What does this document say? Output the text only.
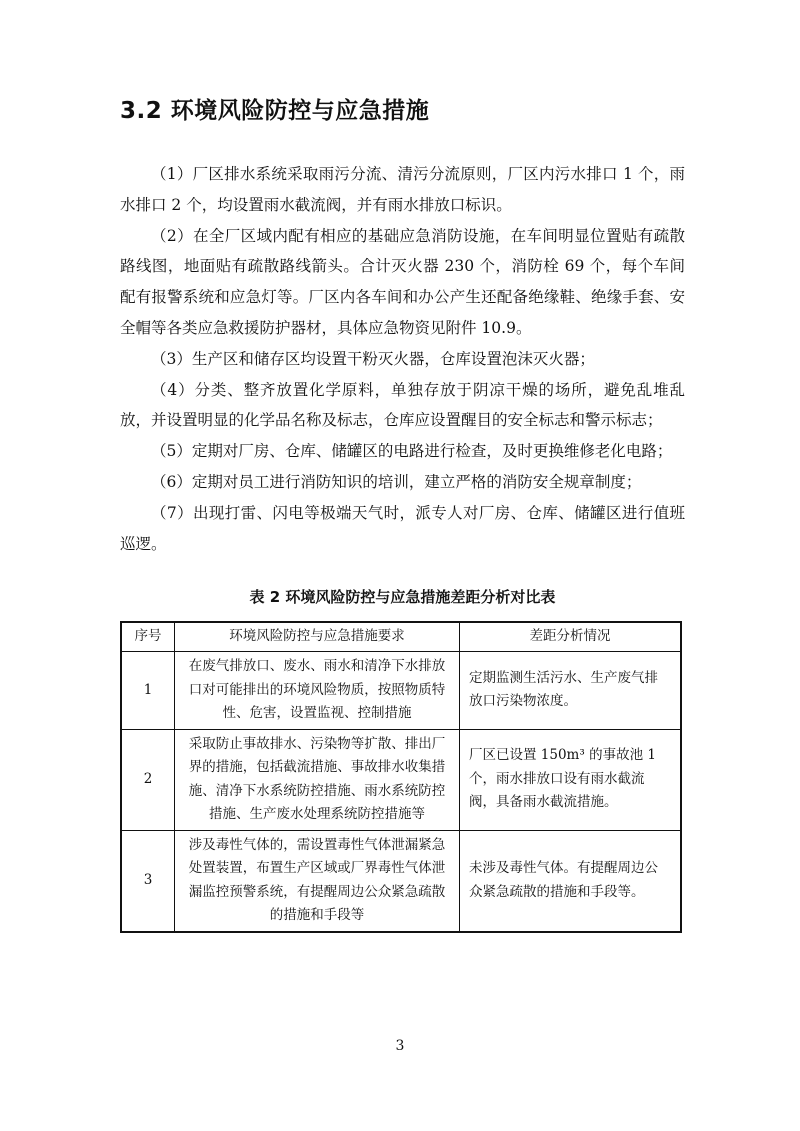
3.2 环境风险防控与应急措施

（1）厂区排水系统采取雨污分流、清污分流原则，厂区内污水排口 1 个，雨水排口 2 个，均设置雨水截流阀，并有雨水排放口标识。

（2）在全厂区域内配有相应的基础应急消防设施，在车间明显位置贴有疏散路线图，地面贴有疏散路线箭头。合计灭火器 230 个，消防栓 69 个，每个车间配有报警系统和应急灯等。厂区内各车间和办公产生还配备绝缘鞋、绝缘手套、安全帽等各类应急救援防护器材，具体应急物资见附件 10.9。

（3）生产区和储存区均设置干粉灭火器，仓库设置泡沫灭火器；

（4）分类、整齐放置化学原料，单独存放于阴凉干燥的场所，避免乱堆乱放，并设置明显的化学品名称及标志，仓库应设置醒目的安全标志和警示标志；

（5）定期对厂房、仓库、储罐区的电路进行检查，及时更换维修老化电路；

（6）定期对员工进行消防知识的培训，建立严格的消防安全规章制度；

（7）出现打雷、闪电等极端天气时，派专人对厂房、仓库、储罐区进行值班巡逻。

表 2 环境风险防控与应急措施差距分析对比表
序号	环境风险防控与应急措施要求	差距分析情况
1	在废气排放口、废水、雨水和清净下水排放口对可能排出的环境风险物质，按照物质特性、危害，设置监视、控制措施	定期监测生活污水、生产废气排放口污染物浓度。
2	采取防止事故排水、污染物等扩散、排出厂界的措施，包括截流措施、事故排水收集措施、清净下水系统防控措施、雨水系统防控措施、生产废水处理系统防控措施等	厂区已设置 150m³ 的事故池 1 个，雨水排放口设有雨水截流阀，具备雨水截流措施。
3	涉及毒性气体的，需设置毒性气体泄漏紧急处置装置，布置生产区域或厂界毒性气体泄漏监控预警系统，有提醒周边公众紧急疏散的措施和手段等	未涉及毒性气体。有提醒周边公众紧急疏散的措施和手段等。
3
